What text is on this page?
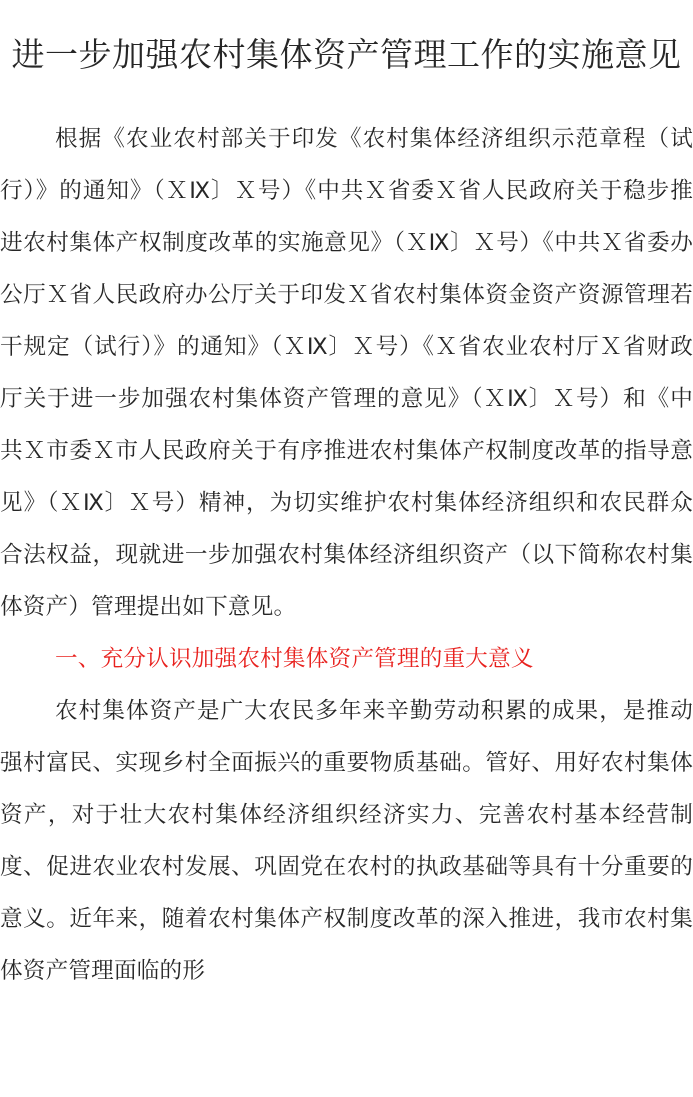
进一步加强农村集体资产管理工作的实施意见

根据《农业农村部关于印发《农村集体经济组织示范章程（试行）》的通知》（ＸⅨ〕Ｘ号）《中共Ｘ省委Ｘ省人民政府关于稳步推进农村集体产权制度改革的实施意见》（ＸⅨ〕Ｘ号）《中共Ｘ省委办公厅Ｘ省人民政府办公厅关于印发Ｘ省农村集体资金资产资源管理若干规定（试行）》的通知》（ＸⅨ〕Ｘ号）《Ｘ省农业农村厅Ｘ省财政厅关于进一步加强农村集体资产管理的意见》（ＸⅨ〕Ｘ号）和《中共Ｘ市委Ｘ市人民政府关于有序推进农村集体产权制度改革的指导意见》（ＸⅨ〕Ｘ号）精神，为切实维护农村集体经济组织和农民群众合法权益，现就进一步加强农村集体经济组织资产（以下简称农村集体资产）管理提出如下意见。

一、充分认识加强农村集体资产管理的重大意义

农村集体资产是广大农民多年来辛勤劳动积累的成果，是推动强村富民、实现乡村全面振兴的重要物质基础。管好、用好农村集体资产，对于壮大农村集体经济组织经济实力、完善农村基本经营制度、促进农业农村发展、巩固党在农村的执政基础等具有十分重要的意义。近年来，随着农村集体产权制度改革的深入推进，我市农村集体资产管理面临的形
